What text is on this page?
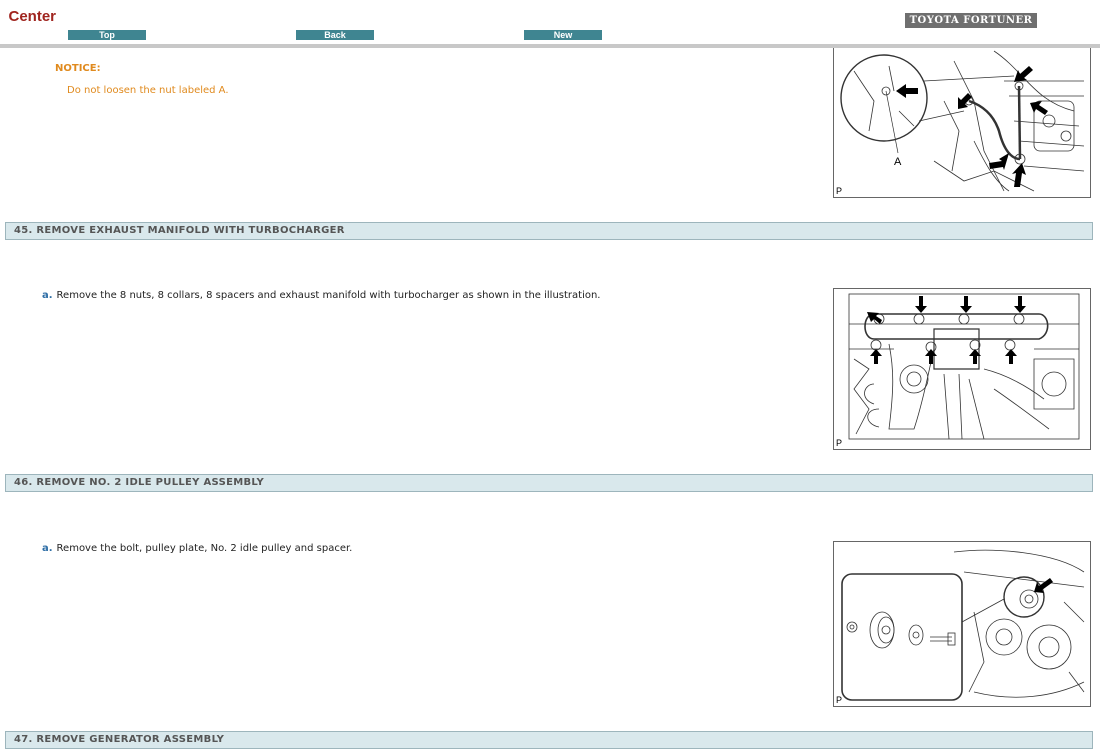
Center
Top	Back	New
TOYOTA FORTUNER
NOTICE:
Do not loosen the nut labeled A.
A
P
45. REMOVE EXHAUST MANIFOLD WITH TURBOCHARGER
a. Remove the 8 nuts, 8 collars, 8 spacers and exhaust manifold with turbocharger as shown in the illustration.
P
46. REMOVE NO. 2 IDLE PULLEY ASSEMBLY
a. Remove the bolt, pulley plate, No. 2 idle pulley and spacer.
P
47. REMOVE GENERATOR ASSEMBLY
